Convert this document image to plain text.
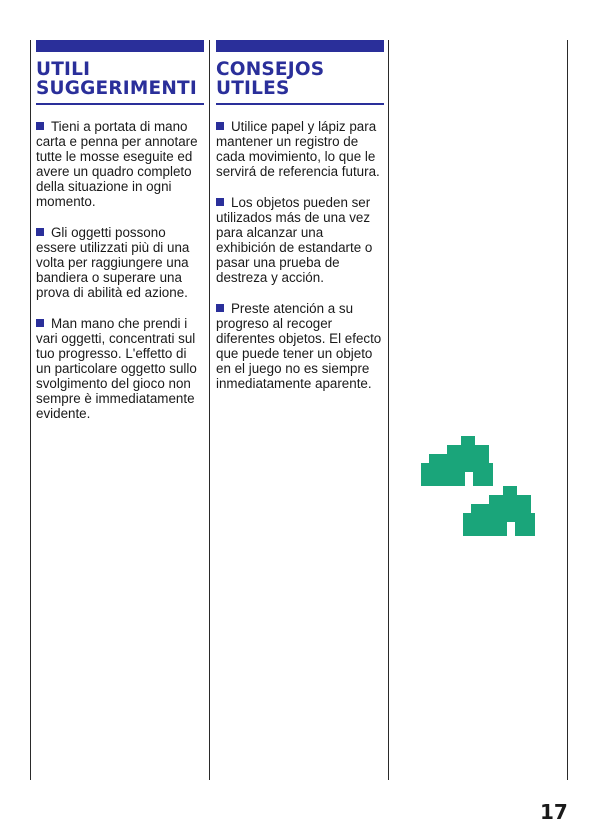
UTILI SUGGERIMENTI

Tieni a portata di mano carta e penna per annotare tutte le mosse eseguite ed avere un quadro completo della situazione in ogni momento.

Gli oggetti possono essere utilizzati più di una volta per raggiungere una bandiera o superare una prova di abilità ed azione.

Man mano che prendi i vari oggetti, concentrati sul tuo progresso. L'effetto di un particolare oggetto sullo svolgimento del gioco non sempre è immediatamente evidente.

CONSEJOS UTILES

Utilice papel y lápiz para mantener un registro de cada movimiento, lo que le servirá de referencia futura.

Los objetos pueden ser utilizados más de una vez para alcanzar una exhibición de estandarte o pasar una prueba de destreza y acción.

Preste atención a su progreso al recoger diferentes objetos. El efecto que puede tener un objeto en el juego no es siempre inmediatamente aparente.

17
